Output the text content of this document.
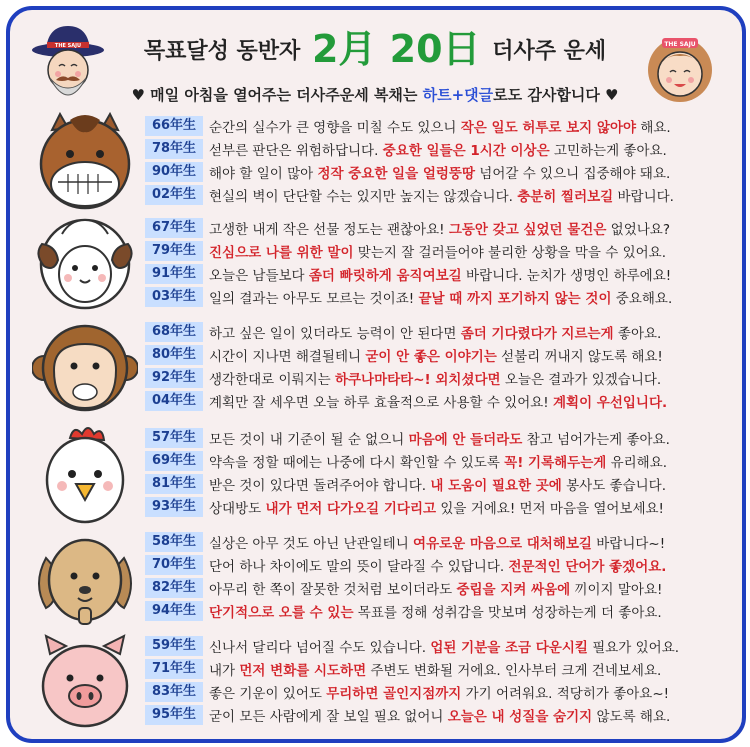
THE SAJU	THE SAJU
목표달성 동반자 2月 20日 더사주 운세
♥ 매일 아침을 열어주는 더사주운세 복채는 하트+댓글로도 감사합니다 ♥
66年生 순간의 실수가 큰 영향을 미칠 수도 있으니 작은 일도 허투로 보지 않아야 해요.
78年生 섣부른 판단은 위험하답니다. 중요한 일들은 1시간 이상은 고민하는게 좋아요.
90年生 해야 할 일이 많아 정작 중요한 일을 얼렁뚱땅 넘어갈 수 있으니 집중해야 돼요.
02年生 현실의 벽이 단단할 수는 있지만 높지는 않겠습니다. 충분히 찔러보길 바랍니다.
67年生 고생한 내게 작은 선물 정도는 괜찮아요! 그동안 갖고 싶었던 물건은 없었나요?
79年生 진심으로 나를 위한 말이 맞는지 잘 걸러들어야 불리한 상황을 막을 수 있어요.
91年生 오늘은 남들보다 좀더 빠릿하게 움직여보길 바랍니다. 눈치가 생명인 하루에요!
03年生 일의 결과는 아무도 모르는 것이죠! 끝날 때 까지 포기하지 않는 것이 중요해요.
68年生 하고 싶은 일이 있더라도 능력이 안 된다면 좀더 기다렸다가 지르는게 좋아요.
80年生 시간이 지나면 해결될테니 굳이 안 좋은 이야기는 섣불리 꺼내지 않도록 해요!
92年生 생각한대로 이뤄지는 하쿠나마타타~! 외치셨다면 오늘은 결과가 있겠습니다.
04年生 계획만 잘 세우면 오늘 하루 효율적으로 사용할 수 있어요! 계획이 우선입니다.
57年生 모든 것이 내 기준이 될 순 없으니 마음에 안 들더라도 참고 넘어가는게 좋아요.
69年生 약속을 정할 때에는 나중에 다시 확인할 수 있도록 꼭! 기록해두는게 유리해요.
81年生 받은 것이 있다면 돌려주어야 합니다. 내 도움이 필요한 곳에 봉사도 좋습니다.
93年生 상대방도 내가 먼저 다가오길 기다리고 있을 거에요! 먼저 마음을 열어보세요!
58年生 실상은 아무 것도 아닌 난관일테니 여유로운 마음으로 대처해보길 바랍니다~!
70年生 단어 하나 차이에도 말의 뜻이 달라질 수 있답니다. 전문적인 단어가 좋겠어요.
82年生 아무리 한 쪽이 잘못한 것처럼 보이더라도 중립을 지켜 싸움에 끼이지 말아요!
94年生 단기적으로 오를 수 있는 목표를 정해 성취감을 맛보며 성장하는게 더 좋아요.
59年生 신나서 달리다 넘어질 수도 있습니다. 업된 기분을 조금 다운시킬 필요가 있어요.
71年生 내가 먼저 변화를 시도하면 주변도 변화될 거에요. 인사부터 크게 건네보세요.
83年生 좋은 기운이 있어도 무리하면 골인지점까지 가기 어려워요. 적당히가 좋아요~!
95年生 굳이 모든 사람에게 잘 보일 필요 없어니 오늘은 내 성질을 숨기지 않도록 해요.
